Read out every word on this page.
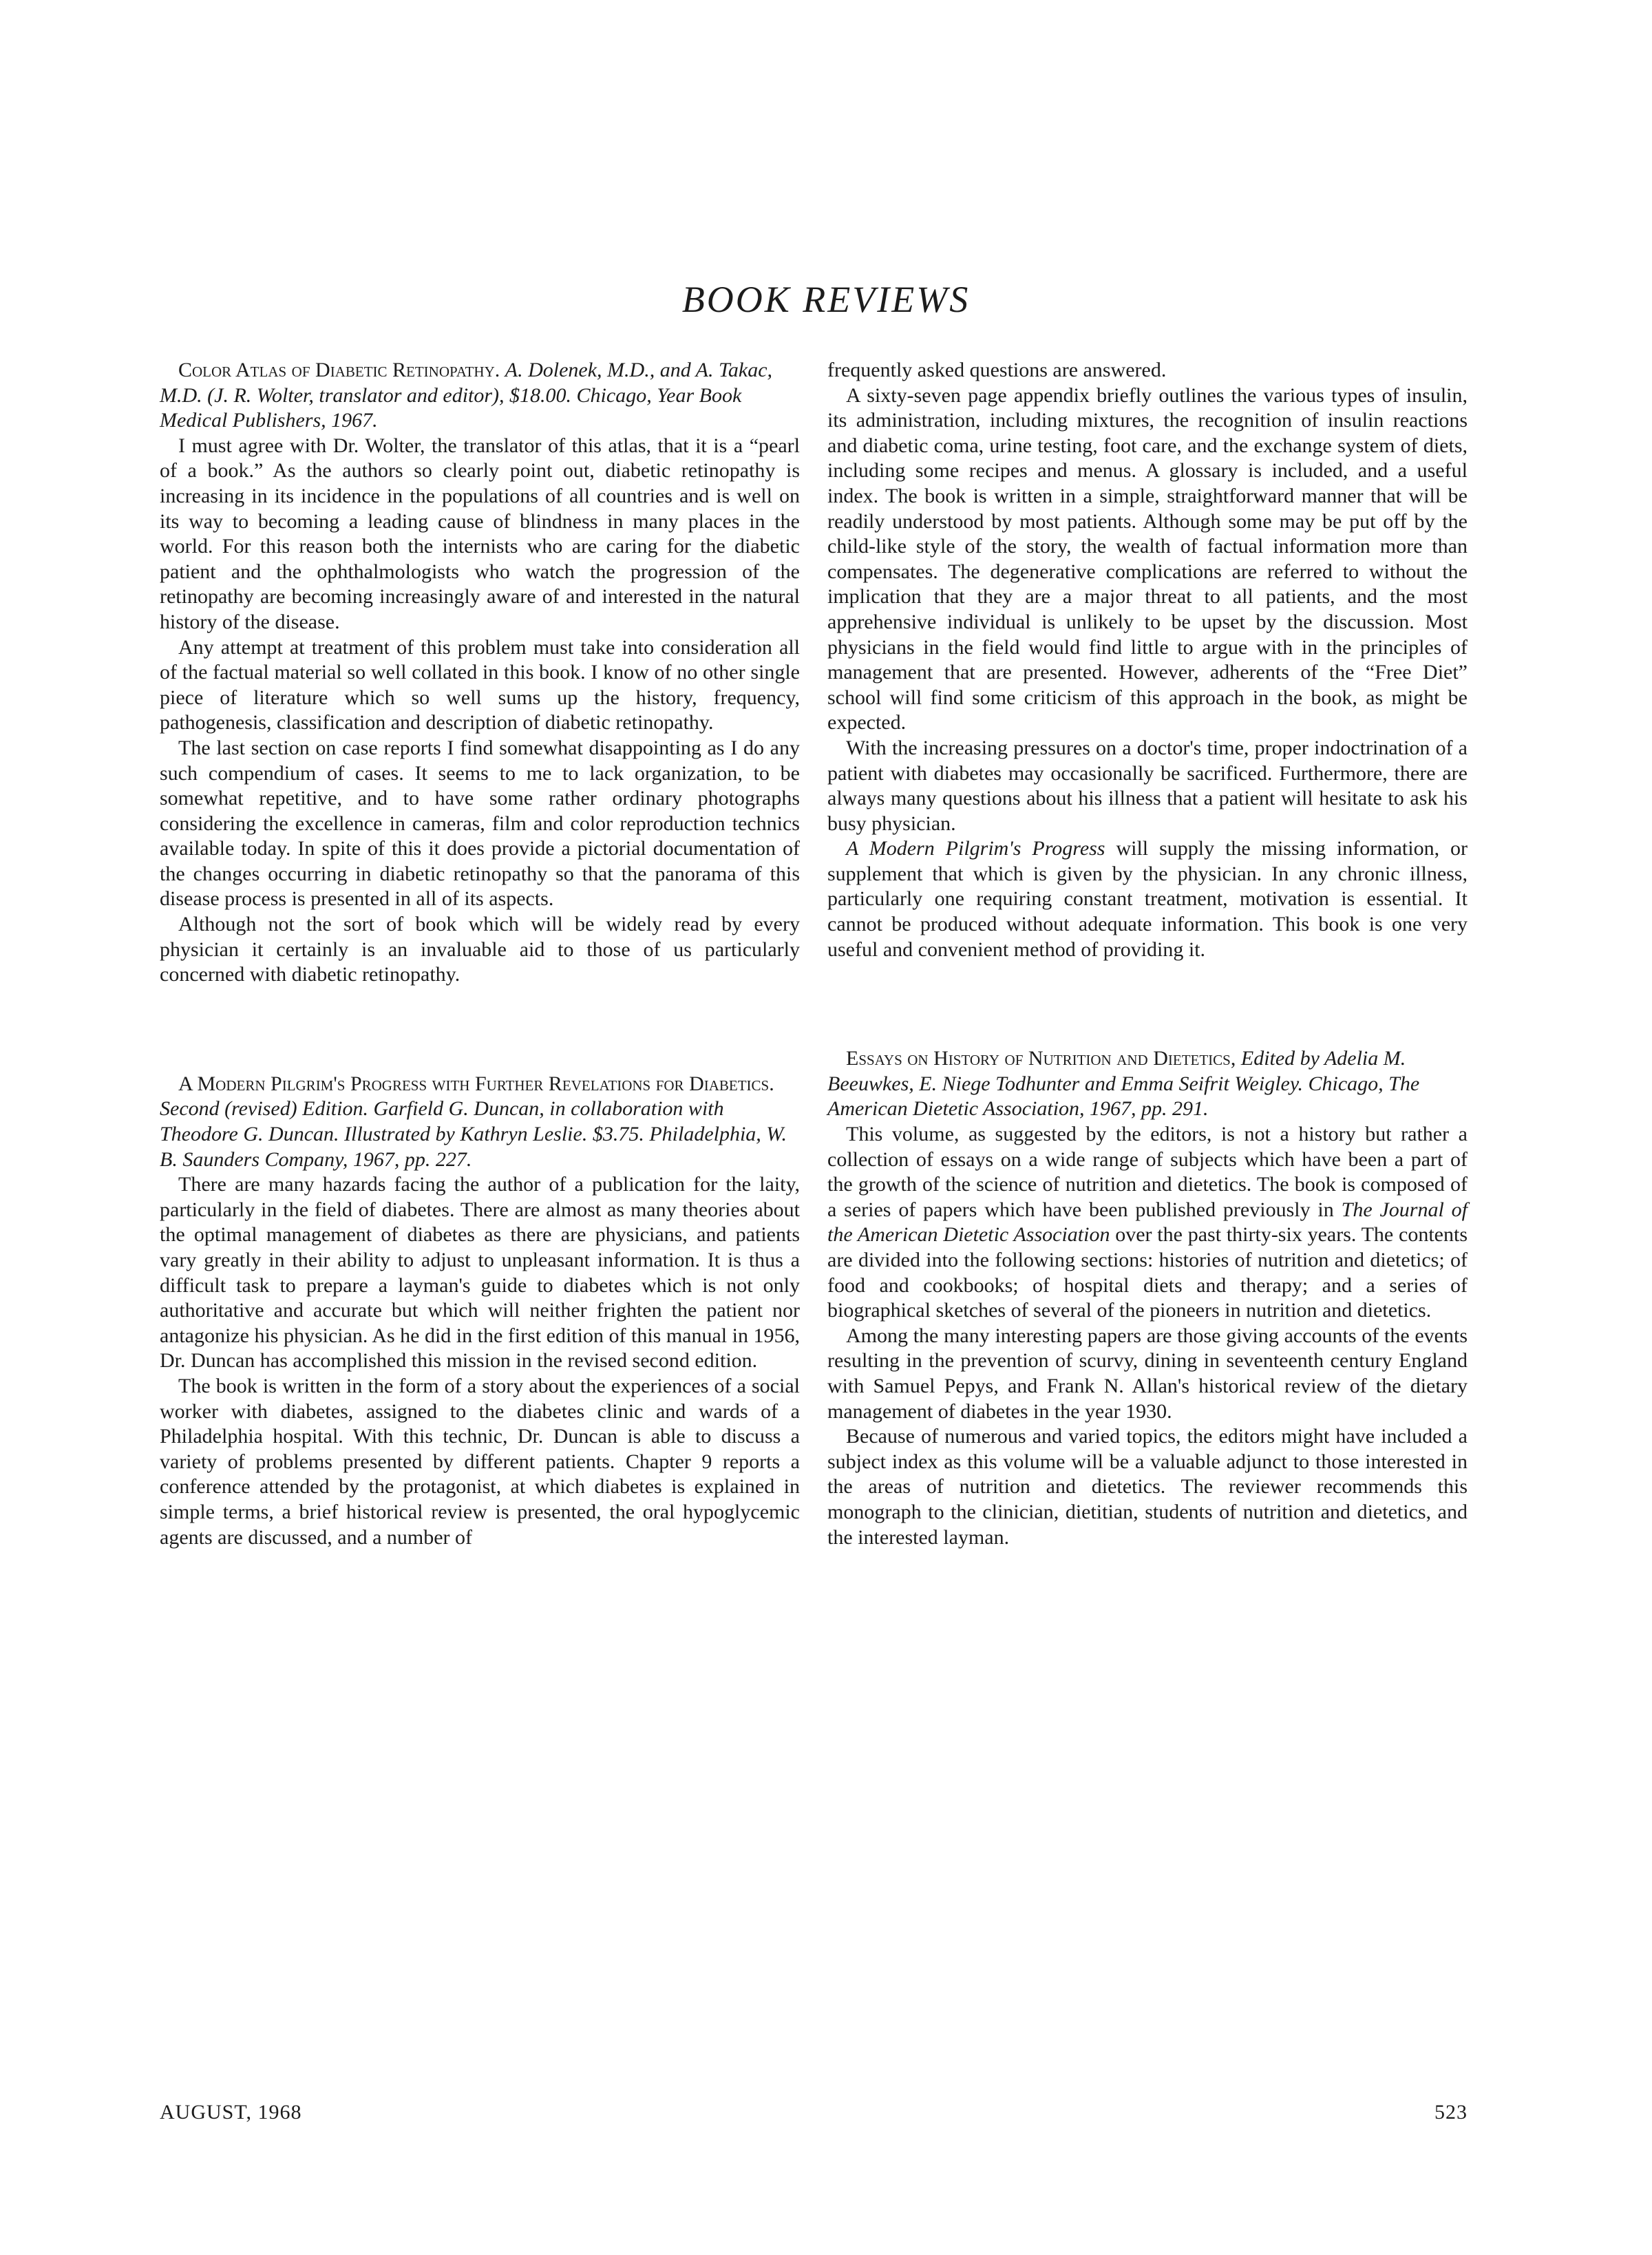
BOOK REVIEWS

Color Atlas of Diabetic Retinopathy. A. Dolenek, M.D., and A. Takac, M.D. (J. R. Wolter, translator and editor), $18.00. Chicago, Year Book Medical Publishers, 1967.

I must agree with Dr. Wolter, the translator of this atlas, that it is a “pearl of a book.” As the authors so clearly point out, diabetic retinopathy is increasing in its incidence in the populations of all countries and is well on its way to becoming a leading cause of blindness in many places in the world. For this reason both the internists who are caring for the diabetic patient and the ophthalmologists who watch the progression of the retinopathy are becoming increasingly aware of and interested in the natural history of the disease.

Any attempt at treatment of this problem must take into consideration all of the factual material so well collated in this book. I know of no other single piece of literature which so well sums up the history, frequency, pathogenesis, classification and description of diabetic retinopathy.

The last section on case reports I find somewhat disappointing as I do any such compendium of cases. It seems to me to lack organization, to be somewhat repetitive, and to have some rather ordinary photographs considering the excellence in cameras, film and color reproduction technics available today. In spite of this it does provide a pictorial documentation of the changes occurring in diabetic retinopathy so that the panorama of this disease process is presented in all of its aspects.

Although not the sort of book which will be widely read by every physician it certainly is an invaluable aid to those of us particularly concerned with diabetic retinopathy.

A Modern Pilgrim's Progress with Further Revelations for Diabetics. Second (revised) Edition. Garfield G. Duncan, in collaboration with Theodore G. Duncan. Illustrated by Kathryn Leslie. $3.75. Philadelphia, W. B. Saunders Company, 1967, pp. 227.

There are many hazards facing the author of a publication for the laity, particularly in the field of diabetes. There are almost as many theories about the optimal management of diabetes as there are physicians, and patients vary greatly in their ability to adjust to unpleasant information. It is thus a difficult task to prepare a layman's guide to diabetes which is not only authoritative and accurate but which will neither frighten the patient nor antagonize his physician. As he did in the first edition of this manual in 1956, Dr. Duncan has accomplished this mission in the revised second edition.

The book is written in the form of a story about the experiences of a social worker with diabetes, assigned to the diabetes clinic and wards of a Philadelphia hospital. With this technic, Dr. Duncan is able to discuss a variety of problems presented by different patients. Chapter 9 reports a conference attended by the protagonist, at which diabetes is explained in simple terms, a brief historical review is presented, the oral hypoglycemic agents are discussed, and a number of

frequently asked questions are answered.

A sixty-seven page appendix briefly outlines the various types of insulin, its administration, including mixtures, the recognition of insulin reactions and diabetic coma, urine testing, foot care, and the exchange system of diets, including some recipes and menus. A glossary is included, and a useful index. The book is written in a simple, straightforward manner that will be readily understood by most patients. Although some may be put off by the child-like style of the story, the wealth of factual information more than compensates. The degenerative complications are referred to without the implication that they are a major threat to all patients, and the most apprehensive individual is unlikely to be upset by the discussion. Most physicians in the field would find little to argue with in the principles of management that are presented. However, adherents of the “Free Diet” school will find some criticism of this approach in the book, as might be expected.

With the increasing pressures on a doctor's time, proper indoctrination of a patient with diabetes may occasionally be sacrificed. Furthermore, there are always many questions about his illness that a patient will hesitate to ask his busy physician.

A Modern Pilgrim's Progress will supply the missing information, or supplement that which is given by the physician. In any chronic illness, particularly one requiring constant treatment, motivation is essential. It cannot be produced without adequate information. This book is one very useful and convenient method of providing it.

Essays on History of Nutrition and Dietetics, Edited by Adelia M. Beeuwkes, E. Niege Todhunter and Emma Seifrit Weigley. Chicago, The American Dietetic Association, 1967, pp. 291.

This volume, as suggested by the editors, is not a history but rather a collection of essays on a wide range of subjects which have been a part of the growth of the science of nutrition and dietetics. The book is composed of a series of papers which have been published previously in The Journal of the American Dietetic Association over the past thirty-six years. The contents are divided into the following sections: histories of nutrition and dietetics; of food and cookbooks; of hospital diets and therapy; and a series of biographical sketches of several of the pioneers in nutrition and dietetics.

Among the many interesting papers are those giving accounts of the events resulting in the prevention of scurvy, dining in seventeenth century England with Samuel Pepys, and Frank N. Allan's historical review of the dietary management of diabetes in the year 1930.

Because of numerous and varied topics, the editors might have included a subject index as this volume will be a valuable adjunct to those interested in the areas of nutrition and dietetics. The reviewer recommends this monograph to the clinician, dietitian, students of nutrition and dietetics, and the interested layman.

AUGUST, 1968	523
